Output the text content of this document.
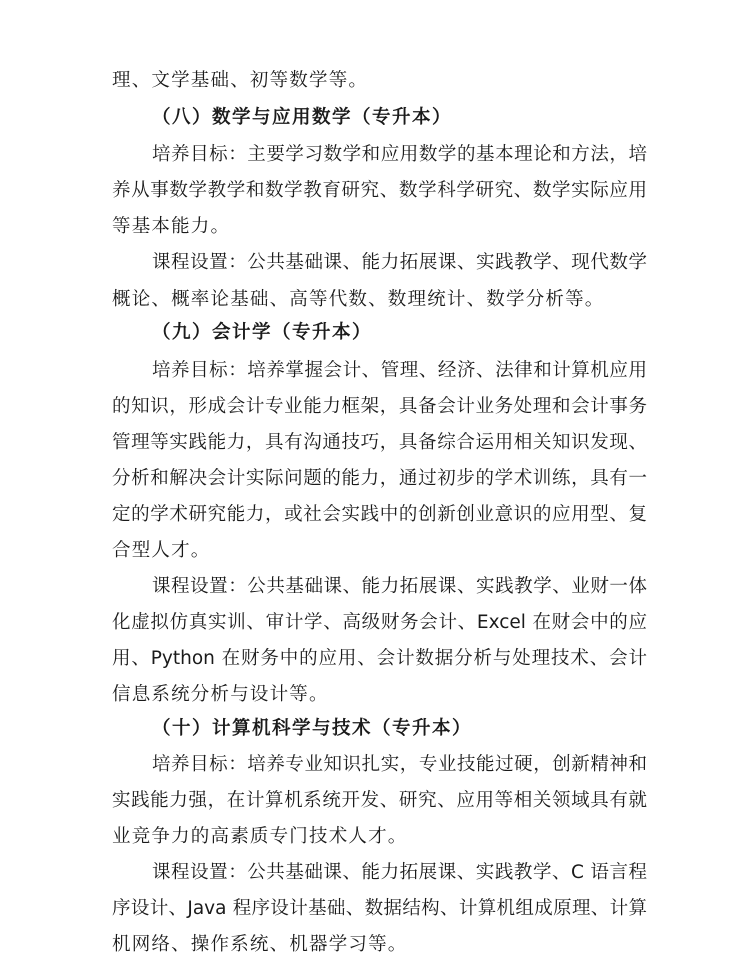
理、文学基础、初等数学等。
（八）数学与应用数学（专升本）
培养目标：主要学习数学和应用数学的基本理论和方法，培
养从事数学教学和数学教育研究、数学科学研究、数学实际应用
等基本能力。
课程设置：公共基础课、能力拓展课、实践教学、现代数学
概论、概率论基础、高等代数、数理统计、数学分析等。
（九）会计学（专升本）
培养目标：培养掌握会计、管理、经济、法律和计算机应用
的知识，形成会计专业能力框架，具备会计业务处理和会计事务
管理等实践能力，具有沟通技巧，具备综合运用相关知识发现、
分析和解决会计实际问题的能力，通过初步的学术训练，具有一
定的学术研究能力，或社会实践中的创新创业意识的应用型、复
合型人才。
课程设置：公共基础课、能力拓展课、实践教学、业财一体
化虚拟仿真实训、审计学、高级财务会计、Excel 在财会中的应
用、Python 在财务中的应用、会计数据分析与处理技术、会计
信息系统分析与设计等。
（十）计算机科学与技术（专升本）
培养目标：培养专业知识扎实，专业技能过硬，创新精神和
实践能力强，在计算机系统开发、研究、应用等相关领域具有就
业竞争力的高素质专门技术人才。
课程设置：公共基础课、能力拓展课、实践教学、C 语言程
序设计、Java 程序设计基础、数据结构、计算机组成原理、计算
机网络、操作系统、机器学习等。
